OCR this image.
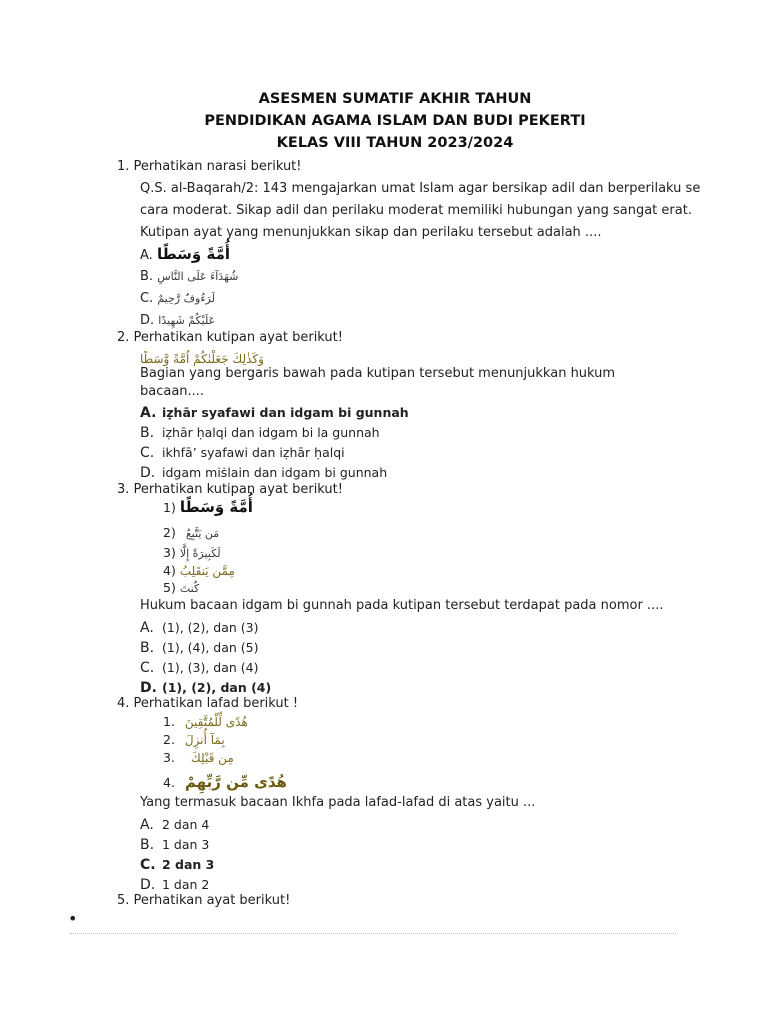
ASESMEN SUMATIF AKHIR TAHUN
PENDIDIKAN AGAMA ISLAM DAN BUDI PEKERTI
KELAS VIII TAHUN 2023/2024
1. Perhatikan narasi berikut!
Q.S. al-Baqarah/2: 143 mengajarkan umat Islam agar bersikap adil dan berperilaku se
cara moderat. Sikap adil dan perilaku moderat memiliki hubungan yang sangat erat.
Kutipan ayat yang menunjukkan sikap dan perilaku tersebut adalah ....
A. أُمَّةً وَسَطًا
B. شُهَدَآءَ عَلَى النَّاسِ
C. لَرَءُوفٌ رَّحِيمٌ
D. عَلَيْكُمْ شَهِيدًا
2. Perhatikan kutipan ayat berikut!
وَكَذٰلِكَ جَعَلْنٰكُمْ اُمَّةً وَّسَطًا
Bagian yang bergaris bawah pada kutipan tersebut menunjukkan hukum
bacaan....
A. iẓhār syafawi dan idgam bi gunnah
B. iẓhār ḥalqi dan idgam bi la gunnah
C. ikhfā’ syafawi dan iẓhār ḥalqi
D. idgam miṡlain dan idgam bi gunnah
3. Perhatikan kutipan ayat berikut!
1) أُمَّةً وَسَطًا
2) مَن يَتَّبِعُ
3) لَكَبِيرَةً إِلَّا
4) مِمَّن يَنقَلِبُ
5) كُنتَ
Hukum bacaan idgam bi gunnah pada kutipan tersebut terdapat pada nomor ....
A. (1), (2), dan (3)
B. (1), (4), dan (5)
C. (1), (3), dan (4)
D. (1), (2), dan (4)
4. Perhatikan lafad berikut !
1. هُدًى لِّلْمُتَّقِينَ
2. بِمَآ أُنزِلَ
3. مِن قَبْلِكَ
4. هُدًى مِّن رَّبِّهِمْ
Yang termasuk bacaan Ikhfa pada lafad-lafad di atas yaitu ...
A. 2 dan 4
B. 1 dan 3
C. 2 dan 3
D. 1 dan 2
5. Perhatikan ayat berikut!
•
